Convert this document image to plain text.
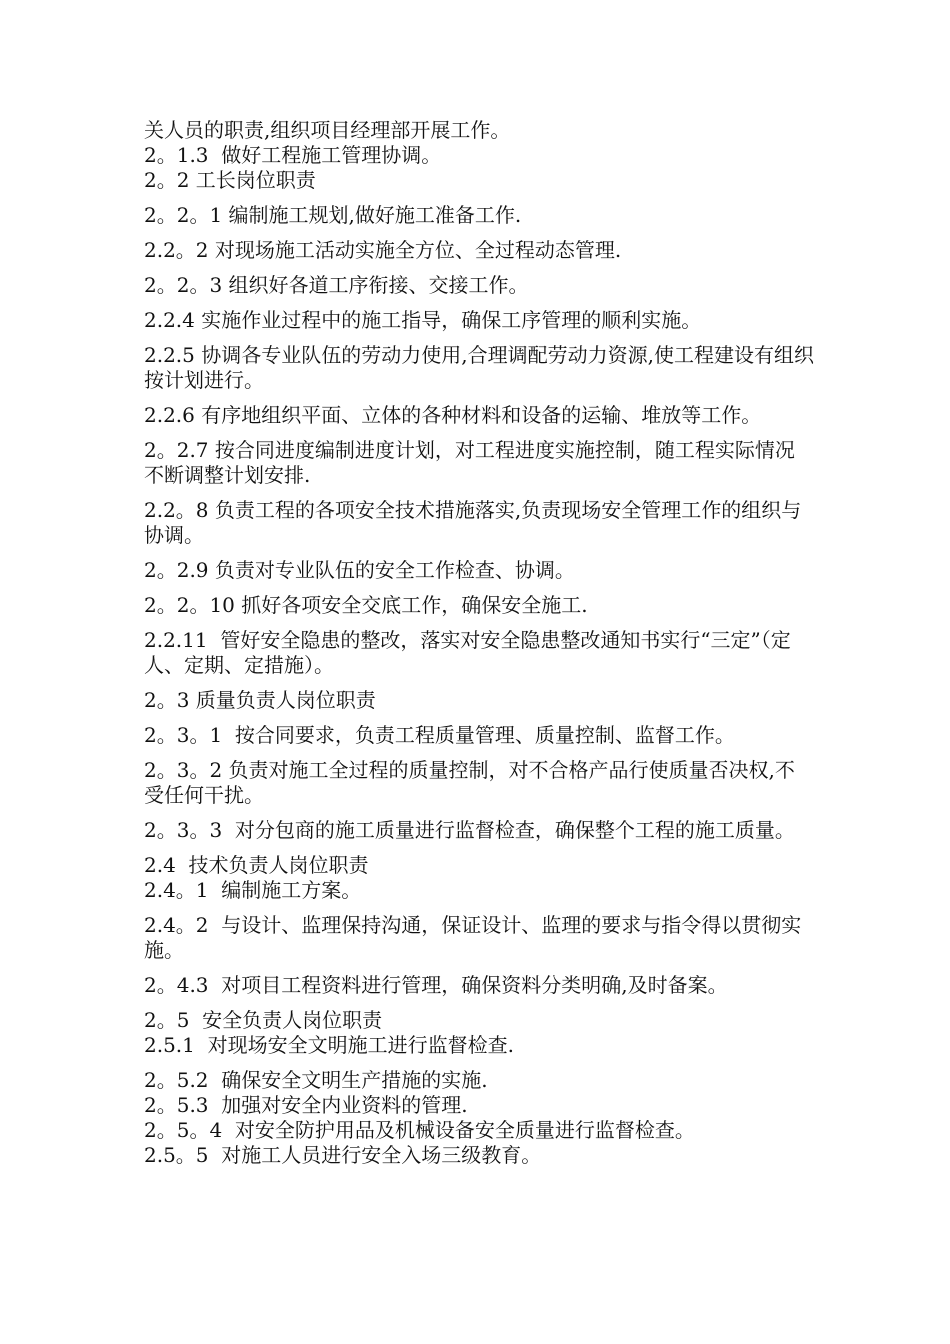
关人员的职责,组织项目经理部开展工作。

2。1.3  做好工程施工管理协调。

2。2 工长岗位职责

2。2。1 编制施工规划,做好施工准备工作.

2.2。2 对现场施工活动实施全方位、全过程动态管理.

2。2。3 组织好各道工序衔接、交接工作。

2.2.4 实施作业过程中的施工指导，确保工序管理的顺利实施。

2.2.5 协调各专业队伍的劳动力使用,合理调配劳动力资源,使工程建设有组织按计划进行。

2.2.6 有序地组织平面、立体的各种材料和设备的运输、堆放等工作。

2。2.7 按合同进度编制进度计划，对工程进度实施控制，随工程实际情况不断调整计划安排.

2.2。8 负责工程的各项安全技术措施落实,负责现场安全管理工作的组织与协调。

2。2.9 负责对专业队伍的安全工作检查、协调。

2。2。10 抓好各项安全交底工作，确保安全施工.

2.2.11  管好安全隐患的整改，落实对安全隐患整改通知书实行“三定”（定人、定期、定措施）。

2。3 质量负责人岗位职责

2。3。1  按合同要求，负责工程质量管理、质量控制、监督工作。

2。3。2 负责对施工全过程的质量控制，对不合格产品行使质量否决权,不受任何干扰。

2。3。3  对分包商的施工质量进行监督检查，确保整个工程的施工质量。

2.4  技术负责人岗位职责

2.4。1  编制施工方案。

2.4。2  与设计、监理保持沟通，保证设计、监理的要求与指令得以贯彻实施。

2。4.3  对项目工程资料进行管理，确保资料分类明确,及时备案。

2。5  安全负责人岗位职责

2.5.1  对现场安全文明施工进行监督检查.

2。5.2  确保安全文明生产措施的实施.

2。5.3  加强对安全内业资料的管理.

2。5。4  对安全防护用品及机械设备安全质量进行监督检查。

2.5。5  对施工人员进行安全入场三级教育。
